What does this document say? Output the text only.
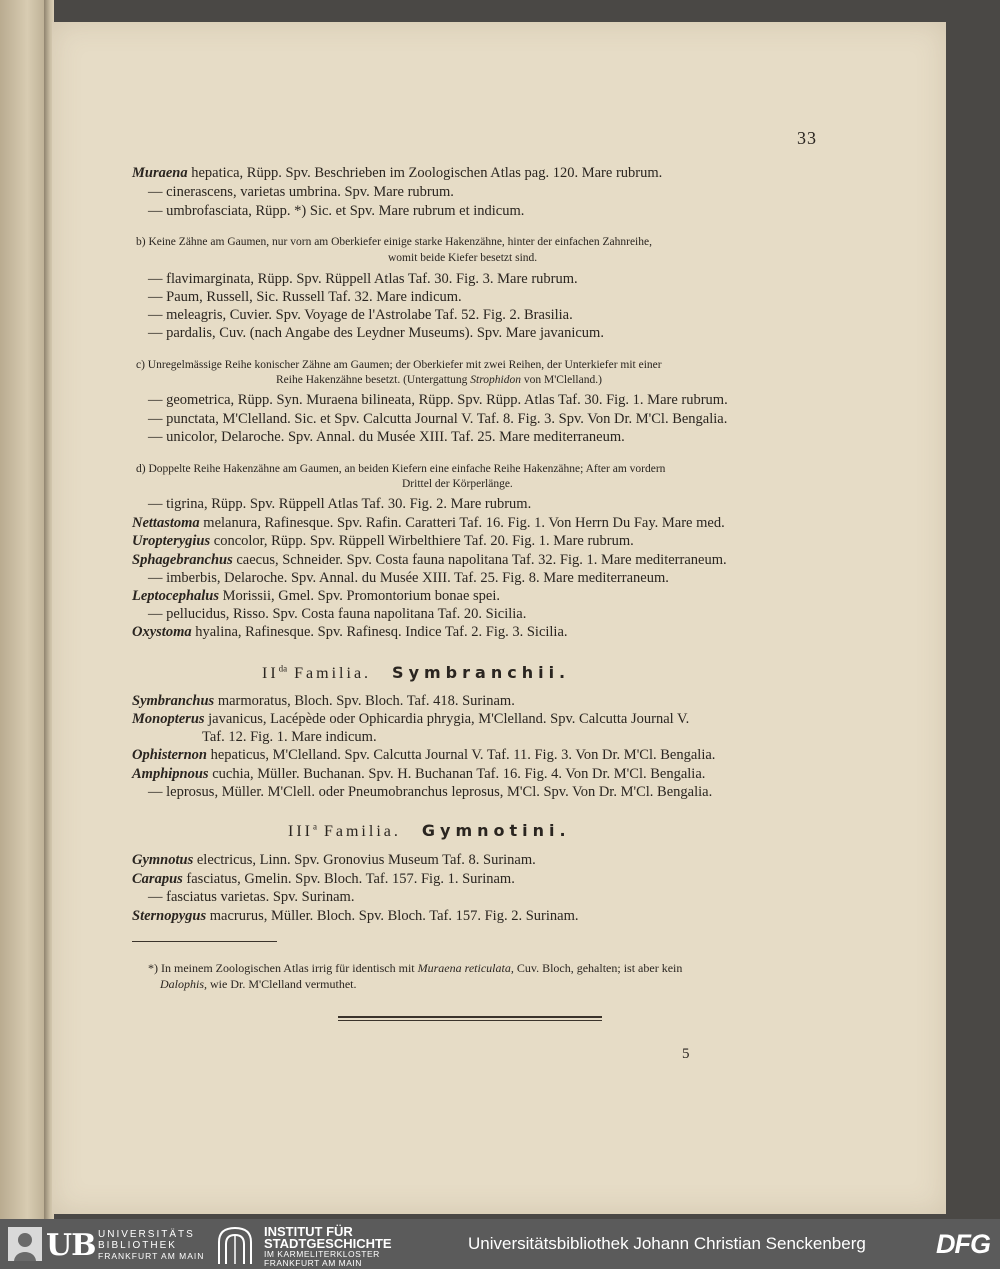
33
Muraena hepatica, Rüpp. Spv. Beschrieben im Zoologischen Atlas pag. 120. Mare rubrum.
— cinerascens, varietas umbrina. Spv. Mare rubrum.
— umbrofasciata, Rüpp. *) Sic. et Spv. Mare rubrum et indicum.
b) Keine Zähne am Gaumen, nur vorn am Oberkiefer einige starke Hakenzähne, hinter der einfachen Zahnreihe,
womit beide Kiefer besetzt sind.
— flavimarginata, Rüpp. Spv. Rüppell Atlas Taf. 30. Fig. 3. Mare rubrum.
— Paum, Russell, Sic. Russell Taf. 32. Mare indicum.
— meleagris, Cuvier. Spv. Voyage de l'Astrolabe Taf. 52. Fig. 2. Brasilia.
— pardalis, Cuv. (nach Angabe des Leydner Museums). Spv. Mare javanicum.
c) Unregelmässige Reihe konischer Zähne am Gaumen; der Oberkiefer mit zwei Reihen, der Unterkiefer mit einer
Reihe Hakenzähne besetzt. (Untergattung Strophidon von M'Clelland.)
— geometrica, Rüpp. Syn. Muraena bilineata, Rüpp. Spv. Rüpp. Atlas Taf. 30. Fig. 1. Mare rubrum.
— punctata, M'Clelland. Sic. et Spv. Calcutta Journal V. Taf. 8. Fig. 3. Spv. Von Dr. M'Cl. Bengalia.
— unicolor, Delaroche. Spv. Annal. du Musée XIII. Taf. 25. Mare mediterraneum.
d) Doppelte Reihe Hakenzähne am Gaumen, an beiden Kiefern eine einfache Reihe Hakenzähne; After am vordern
Drittel der Körperlänge.
— tigrina, Rüpp. Spv. Rüppell Atlas Taf. 30. Fig. 2. Mare rubrum.
Nettastoma melanura, Rafinesque. Spv. Rafin. Caratteri Taf. 16. Fig. 1. Von Herrn Du Fay. Mare med.
Uropterygius concolor, Rüpp. Spv. Rüppell Wirbelthiere Taf. 20. Fig. 1. Mare rubrum.
Sphagebranchus caecus, Schneider. Spv. Costa fauna napolitana Taf. 32. Fig. 1. Mare mediterraneum.
— imberbis, Delaroche. Spv. Annal. du Musée XIII. Taf. 25. Fig. 8. Mare mediterraneum.
Leptocephalus Morissii, Gmel. Spv. Promontorium bonae spei.
— pellucidus, Risso. Spv. Costa fauna napolitana Taf. 20. Sicilia.
Oxystoma hyalina, Rafinesque. Spv. Rafinesq. Indice Taf. 2. Fig. 3. Sicilia.
$II^{da}$ Familia. Symbranchii.
Symbranchus marmoratus, Bloch. Spv. Bloch. Taf. 418. Surinam.
Monopterus javanicus, Lacépède oder Ophicardia phrygia, M'Clelland. Spv. Calcutta Journal V.
Taf. 12. Fig. 1. Mare indicum.
Ophisternon hepaticus, M'Clelland. Spv. Calcutta Journal V. Taf. 11. Fig. 3. Von Dr. M'Cl. Bengalia.
Amphipnous cuchia, Müller. Buchanan. Spv. H. Buchanan Taf. 16. Fig. 4. Von Dr. M'Cl. Bengalia.
— leprosus, Müller. M'Clell. oder Pneumobranchus leprosus, M'Cl. Spv. Von Dr. M'Cl. Bengalia.
III$^a$ Familia. Gymnotini.
Gymnotus electricus, Linn. Spv. Gronovius Museum Taf. 8. Surinam.
Carapus fasciatus, Gmelin. Spv. Bloch. Taf. 157. Fig. 1. Surinam.
— fasciatus varietas. Spv. Surinam.
Sternopygus macrurus, Müller. Bloch. Spv. Bloch. Taf. 157. Fig. 2. Surinam.
*) In meinem Zoologischen Atlas irrig für identisch mit Muraena reticulata, Cuv. Bloch, gehalten; ist aber kein
Dalophis, wie Dr. M'Clelland vermuthet.
5
UB UNIVERSITÄTS
BIBLIOTHEK
FRANKFURT AM MAIN
INSTITUT FÜR
STADTGESCHICHTE
IM KARMELITERKLOSTER
FRANKFURT AM MAIN
Universitätsbibliothek Johann Christian Senckenberg	DFG
